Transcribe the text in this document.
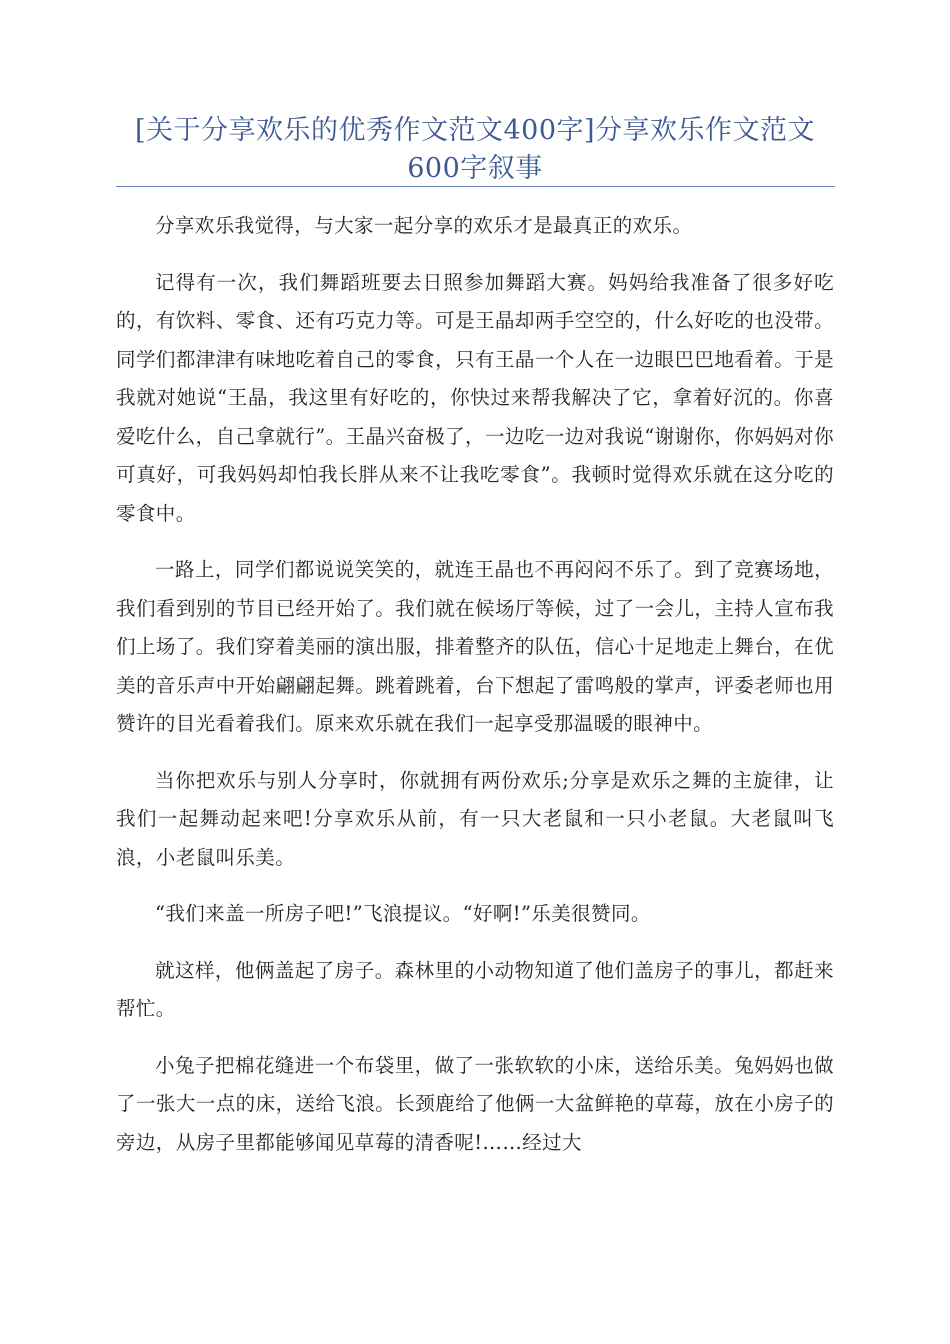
[关于分享欢乐的优秀作文范文400字]分享欢乐作文范文600字叙事

分享欢乐我觉得，与大家一起分享的欢乐才是最真正的欢乐。

记得有一次，我们舞蹈班要去日照参加舞蹈大赛。妈妈给我准备了很多好吃的，有饮料、零食、还有巧克力等。可是王晶却两手空空的，什么好吃的也没带。同学们都津津有味地吃着自己的零食，只有王晶一个人在一边眼巴巴地看着。于是我就对她说“王晶，我这里有好吃的，你快过来帮我解决了它，拿着好沉的。你喜爱吃什么，自己拿就行”。王晶兴奋极了，一边吃一边对我说“谢谢你，你妈妈对你可真好，可我妈妈却怕我长胖从来不让我吃零食”。我顿时觉得欢乐就在这分吃的零食中。

一路上，同学们都说说笑笑的，就连王晶也不再闷闷不乐了。到了竞赛场地，我们看到别的节目已经开始了。我们就在候场厅等候，过了一会儿，主持人宣布我们上场了。我们穿着美丽的演出服，排着整齐的队伍，信心十足地走上舞台，在优美的音乐声中开始翩翩起舞。跳着跳着，台下想起了雷鸣般的掌声，评委老师也用赞许的目光看着我们。原来欢乐就在我们一起享受那温暖的眼神中。

当你把欢乐与别人分享时，你就拥有两份欢乐;分享是欢乐之舞的主旋律，让我们一起舞动起来吧!分享欢乐从前，有一只大老鼠和一只小老鼠。大老鼠叫飞浪，小老鼠叫乐美。

“我们来盖一所房子吧!”飞浪提议。“好啊!”乐美很赞同。

就这样，他俩盖起了房子。森林里的小动物知道了他们盖房子的事儿，都赶来帮忙。

小兔子把棉花缝进一个布袋里，做了一张软软的小床，送给乐美。兔妈妈也做了一张大一点的床，送给飞浪。长颈鹿给了他俩一大盆鲜艳的草莓，放在小房子的旁边，从房子里都能够闻见草莓的清香呢!……经过大
